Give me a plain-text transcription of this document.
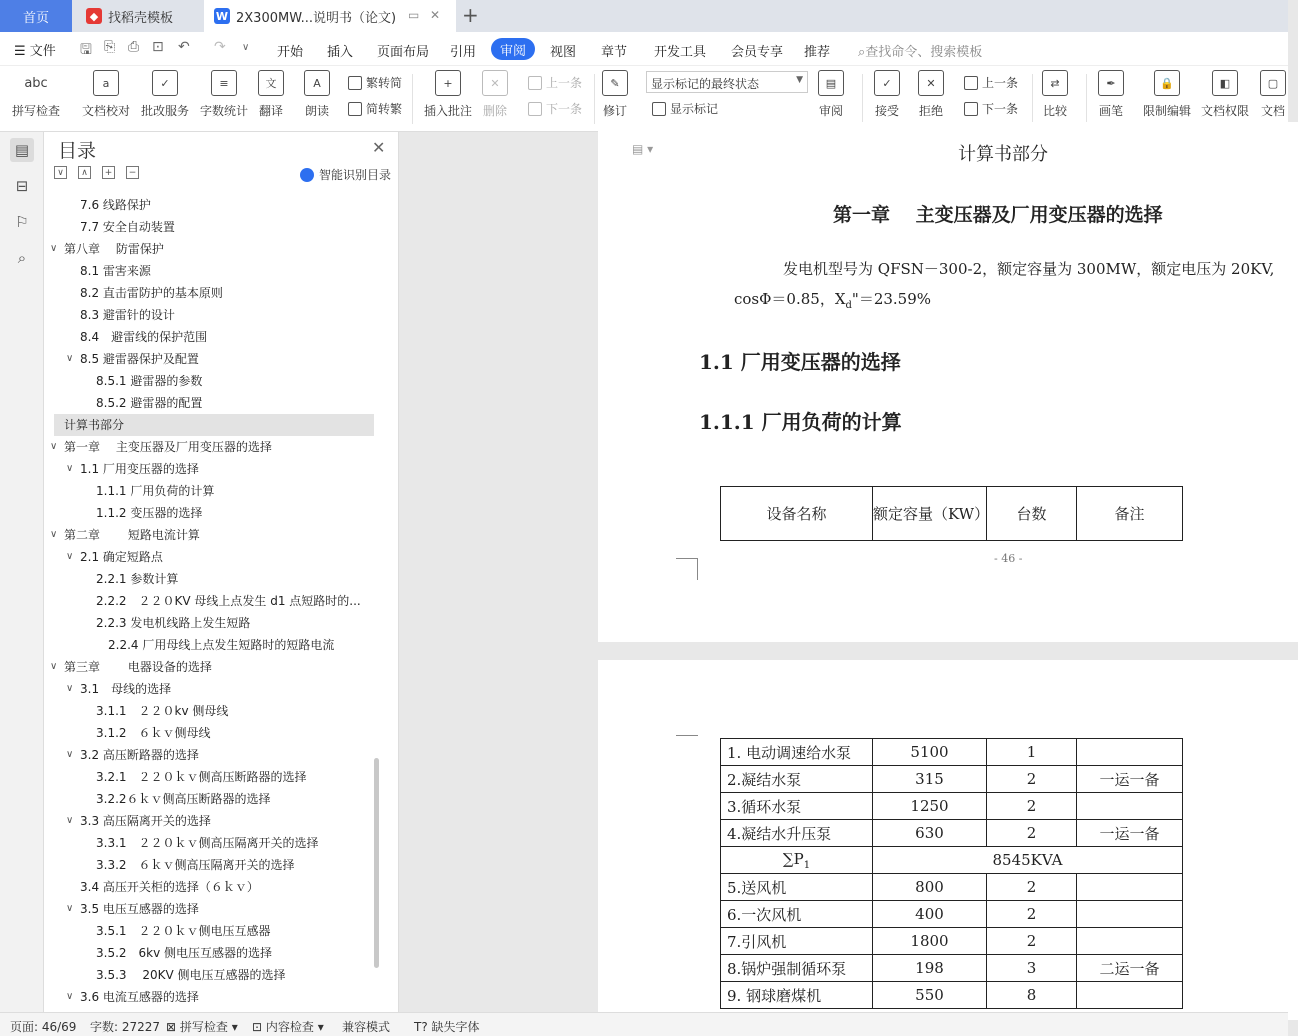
首页	◆ 找稻壳模板	W 2X300MW...说明书（论文) ▭ ✕ +
☰ 文件 🖫 ⎘ ⎙ ⊡ ↶ ↷ ∨ 开始 插入 页面布局 引用	审阅	视图 章节 开发工具 会员专享 推荐 ⌕查找命令、搜索模板
abc
拼写检查
a
文档校对
✓
批改服务
≡
字数统计
文
翻译
A
朗读
繁转简
简转繁
+
插入批注
✕
删除
上一条
下一条
✎
修订
显示标记的最终状态	▼
显示标记
▤
审阅
✓
接受
✕
拒绝
上一条
下一条
⇄
比较
✒
画笔
🔒
限制编辑
◧
文档权限
▢
文档
▤
⊟
⚐
⌕
目录	✕
∨	∧	+	−	智能识别目录
7.6 线路保护
7.7 安全自动装置
∨ 第八章　 防雷保护
8.1 雷害来源
8.2 直击雷防护的基本原则
8.3 避雷针的设计
8.4　避雷线的保护范围
∨ 8.5 避雷器保护及配置
8.5.1 避雷器的参数
8.5.2 避雷器的配置
计算书部分
∨ 第一章　 主变压器及厂用变压器的选择
∨ 1.1 厂用变压器的选择
1.1.1 厂用负荷的计算
1.1.2 变压器的选择
∨ 第二章　　 短路电流计算
∨ 2.1 确定短路点
2.2.1 参数计算
2.2.2　２２０KV 母线上点发生 d1 点短路时的...
2.2.3 发电机线路上发生短路
2.2.4 厂用母线上点发生短路时的短路电流
∨ 第三章　　 电器设备的选择
∨ 3.1　母线的选择
3.1.1　２２０kv 侧母线
3.1.2　６ｋｖ侧母线
∨ 3.2 高压断路器的选择
3.2.1　２２０ｋｖ侧高压断路器的选择
3.2.2６ｋｖ侧高压断路器的选择
∨ 3.3 高压隔离开关的选择
3.3.1　２２０ｋｖ侧高压隔离开关的选择
3.3.2　６ｋｖ侧高压隔离开关的选择
3.4 高压开关柜的选择（６ｋｖ）
∨ 3.5 电压互感器的选择
3.5.1　２２０ｋｖ侧电压互感器
3.5.2　6kv 侧电压互感器的选择
3.5.3　 20KV 侧电压互感器的选择
∨ 3.6 电流互感器的选择
▤ ▾	计算书部分
第一章　 主变压器及厂用变压器的选择
发电机型号为 QFSN－300-2，额定容量为 300MW，额定电压为 20KV,
cosΦ＝0.85，$X_d"=23.59\%$
1.1 厂用变压器的选择
1.1.1 厂用负荷的计算
设备名称	额定容量（KW）	台数	备注
- 46 -
1. 电动调速给水泵	5100	1	
2.凝结水泵	315	2	一运一备
3.循环水泵	1250	2	
4.凝结水升压泵	630	2	一运一备
$\sum P_1$	8545KVA		
5.送风机	800	2	
6.一次风机	400	2	
7.引风机	1800	2	
8.锅炉强制循环泵	198	3	二运一备
9. 钢球磨煤机	550	8	
页面: 46/69 字数: 27227 ⊠ 拼写检查 ▾ ⊡ 内容检查 ▾ 兼容模式 T? 缺失字体
